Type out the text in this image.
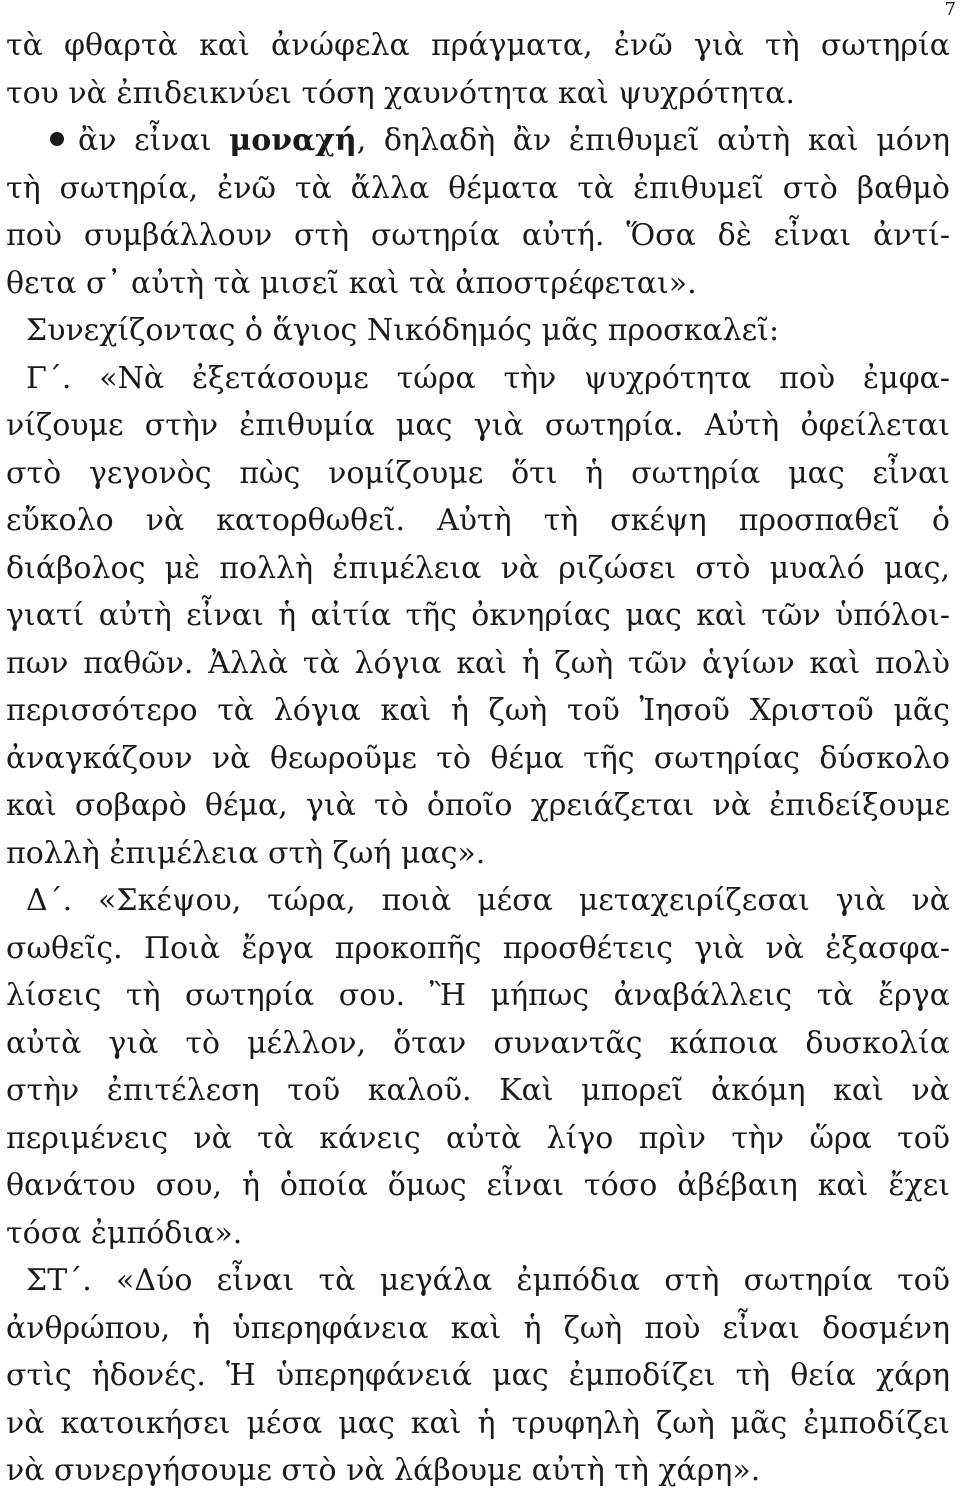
7
τὰ φθαρτὰ καὶ ἀνώφελα πράγματα, ἐνῶ γιὰ τὴ σωτηρία
του νὰ ἐπιδεικνύει τόση χαυνότητα καὶ ψυχρότητα.
ἂν εἶναι μοναχή, δηλαδὴ ἂν ἐπιθυμεῖ αὐτὴ καὶ μόνη
τὴ σωτηρία, ἐνῶ τὰ ἄλλα θέματα τὰ ἐπιθυμεῖ στὸ βαθμὸ
ποὺ συμβάλλουν στὴ σωτηρία αὐτή. Ὅσα δὲ εἶναι ἀντί-
θετα σ᾿ αὐτὴ τὰ μισεῖ καὶ τὰ ἀποστρέφεται».
Συνεχίζοντας ὁ ἅγιος Νικόδημός μᾶς προσκαλεῖ:
Γ΄. «Νὰ ἐξετάσουμε τώρα τὴν ψυχρότητα ποὺ ἐμφα-
νίζουμε στὴν ἐπιθυμία μας γιὰ σωτηρία. Αὐτὴ ὀφείλεται
στὸ γεγονὸς πὼς νομίζουμε ὅτι ἡ σωτηρία μας εἶναι
εὔκολο νὰ κατορθωθεῖ. Αὐτὴ τὴ σκέψη προσπαθεῖ ὁ
διάβολος μὲ πολλὴ ἐπιμέλεια νὰ ριζώσει στὸ μυαλό μας,
γιατί αὐτὴ εἶναι ἡ αἰτία τῆς ὀκνηρίας μας καὶ τῶν ὑπόλοι-
πων παθῶν. Ἀλλὰ τὰ λόγια καὶ ἡ ζωὴ τῶν ἁγίων καὶ πολὺ
περισσότερο τὰ λόγια καὶ ἡ ζωὴ τοῦ Ἰησοῦ Χριστοῦ μᾶς
ἀναγκάζουν νὰ θεωροῦμε τὸ θέμα τῆς σωτηρίας δύσκολο
καὶ σοβαρὸ θέμα, γιὰ τὸ ὁποῖο χρειάζεται νὰ ἐπιδείξουμε
πολλὴ ἐπιμέλεια στὴ ζωή μας».
Δ΄. «Σκέψου, τώρα, ποιὰ μέσα μεταχειρίζεσαι γιὰ νὰ
σωθεῖς. Ποιὰ ἔργα προκοπῆς προσθέτεις γιὰ νὰ ἐξασφα-
λίσεις τὴ σωτηρία σου. Ἢ μήπως ἀναβάλλεις τὰ ἔργα
αὐτὰ γιὰ τὸ μέλλον, ὅταν συναντᾶς κάποια δυσκολία
στὴν ἐπιτέλεση τοῦ καλοῦ. Καὶ μπορεῖ ἀκόμη καὶ νὰ
περιμένεις νὰ τὰ κάνεις αὐτὰ λίγο πρὶν τὴν ὥρα τοῦ
θανάτου σου, ἡ ὁποία ὅμως εἶναι τόσο ἀβέβαιη καὶ ἔχει
τόσα ἐμπόδια».
ΣΤ΄. «Δύο εἶναι τὰ μεγάλα ἐμπόδια στὴ σωτηρία τοῦ
ἀνθρώπου, ἡ ὑπερηφάνεια καὶ ἡ ζωὴ ποὺ εἶναι δοσμένη
στὶς ἡδονές. Ἡ ὑπερηφάνειά μας ἐμποδίζει τὴ θεία χάρη
νὰ κατοικήσει μέσα μας καὶ ἡ τρυφηλὴ ζωὴ μᾶς ἐμποδίζει
νὰ συνεργήσουμε στὸ νὰ λάβουμε αὐτὴ τὴ χάρη».
